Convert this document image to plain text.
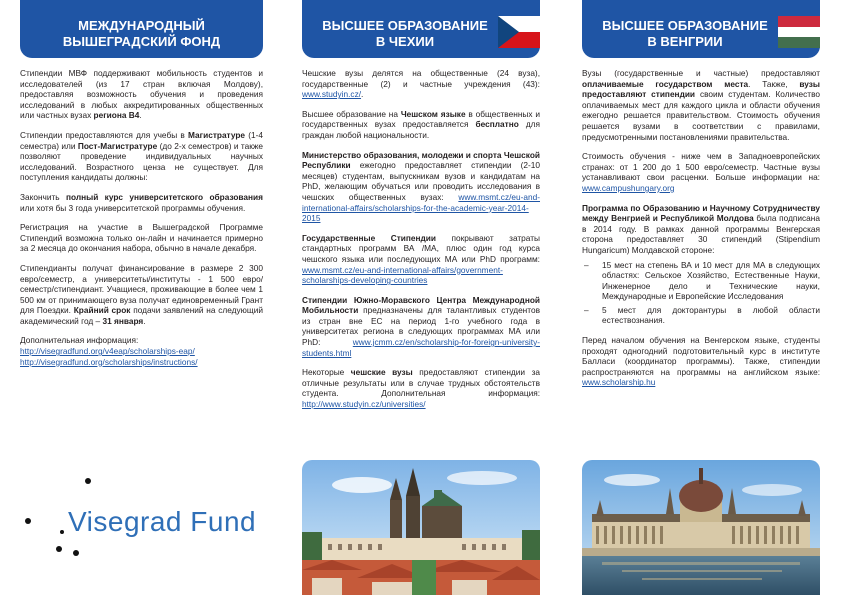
МЕЖДУНАРОДНЫЙ
ВЫШЕГРАДСКИЙ ФОНД

Стипендии МВФ поддерживают мобильность студентов и исследователей (из 17 стран включая Молдову), предоставляя возможность обучения и проведения исследований в любых аккредитированных общественных или частных вузах региона В4.

Стипендии предоставляются для учебы в Магистратуре (1-4 семестра) или Пост-Магистратуре (до 2-х семестров) и также позволяют проведение индивидуальных научных исследований. Возрастного ценза не существует. Для поступления кандидаты должны:

Закончить полный курс университетского образования или хотя бы 3 года университетской программы обучения.

Регистрация на участие в Вышеградской Программе Стипендий возможна только он-лайн и начинается примерно за 2 месяца до окончания набора, обычно в начале декабря.

Стипендианты получат финансирование в размере 2 300 евро/семестр, а университеты/институты - 1 500 евро/семестр/стипендиант. Учащиеся, проживающие в более чем 1 500 км от принимающего вуза получат единовременный Грант для Поездки. Крайний срок подачи заявлений на следующий академический год – 31 января.

Дополнительная информация:
http://visegradfund.org/v4eap/scholarships-eap/
http://visegradfund.org/scholarships/instructions/

Visegrad Fund
ВЫСШЕЕ ОБРАЗОВАНИЕ
В ЧЕХИИ

Чешские вузы делятся на общественные (24 вуза), государственные (2) и частные учреждения (43): www.studyin.cz/.

Высшее образование на Чешском языке в общественных и государственных вузах предоставляется бесплатно для граждан любой национальности.

Министерство образования, молодежи и спорта Чешской Республики ежегодно предоставляет стипендии (2-10 месяцев) студентам, выпускникам вузов и кандидатам на PhD, желающим обучаться или проводить исследования в чешских общественных вузах: www.msmt.cz/eu-and-international-affairs/scholarships-for-the-academic-year-2014-2015

Государственные Стипендии покрывают затраты стандартных программ ВА /МА, плюс один год курса чешского языка или последующих МА или PhD программ: www.msmt.cz/eu-and-international-affairs/government-scholarships-developing-countries

Стипендии Южно-Моравского Центра Международной Мобильности предназначены для талантливых студентов из стран вне ЕС на период 1-го учебного года в университетах региона в следующих программах МА или PhD: www.jcmm.cz/en/scholarship-for-foreign-university-students.html

Некоторые чешские вузы предоставляют стипендии за отличные результаты или в случае трудных обстоятельств студента. Дополнительная информация: http://www.studyin.cz/universities/

ВЫСШЕЕ ОБРАЗОВАНИЕ
В ВЕНГРИИ

Вузы (государственные и частные) предоставляют оплачиваемые государством места. Также, вузы предоставляют стипендии своим студентам. Количество оплачиваемых мест для каждого цикла и области обучения ежегодно решается правительством. Стоимость обучения решается вузами в соответствии с правилами, предусмотренными постановлениями правительства.

Стоимость обучения - ниже чем в Западноевропейских странах: от 1 200 до 1 500 евро/семестр. Частные вузы устанавливают свои расценки. Больше информации на: www.campushungary.org

Программа по Образованию и Научному Сотрудничеству между Венгрией и Республикой Молдова была подписана в 2014 году. В рамках данной программы Венгерская сторона предоставляет 30 стипендий (Stipendium Hungaricum) Молдавской стороне:

– 15 мест на степень ВА и 10 мест для МА в следующих областях: Сельское Хозяйство, Естественные Науки, Инженерное дело и Технические науки, Международные и Европейские Исследования
– 5 мест для докторантуры в любой области естествознания.

Перед началом обучения на Венгерском языке, студенты проходят одногодний подготовительный курс в институте Балласи (координатор программы). Также, стипендии распространяются на программы на английском языке: www.scholarship.hu
